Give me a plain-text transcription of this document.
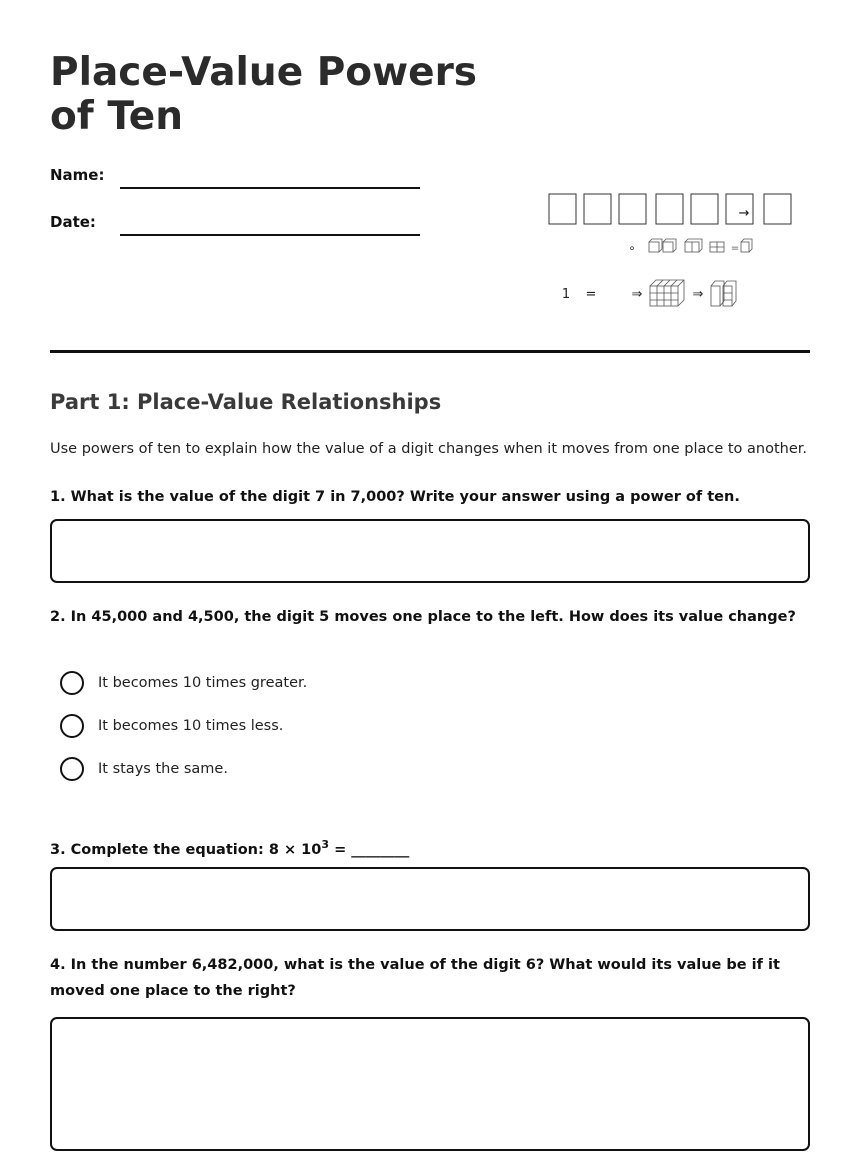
Place-Value Powers of Ten
Name:
Date:	→
∘	=
1 =	⇒	⇒
Part 1: Place-Value Relationships

Use powers of ten to explain how the value of a digit changes when it moves from one place to another.

1. What is the value of the digit 7 in 7,000? Write your answer using a power of ten.

2. In 45,000 and 4,500, the digit 5 moves one place to the left. How does its value change?

It becomes 10 times greater.
It becomes 10 times less.
It stays the same.

3. Complete the equation: $8 \times 10^3$ = ________

4. In the number 6,482,000, what is the value of the digit 6? What would its value be if it moved one place to the right?
